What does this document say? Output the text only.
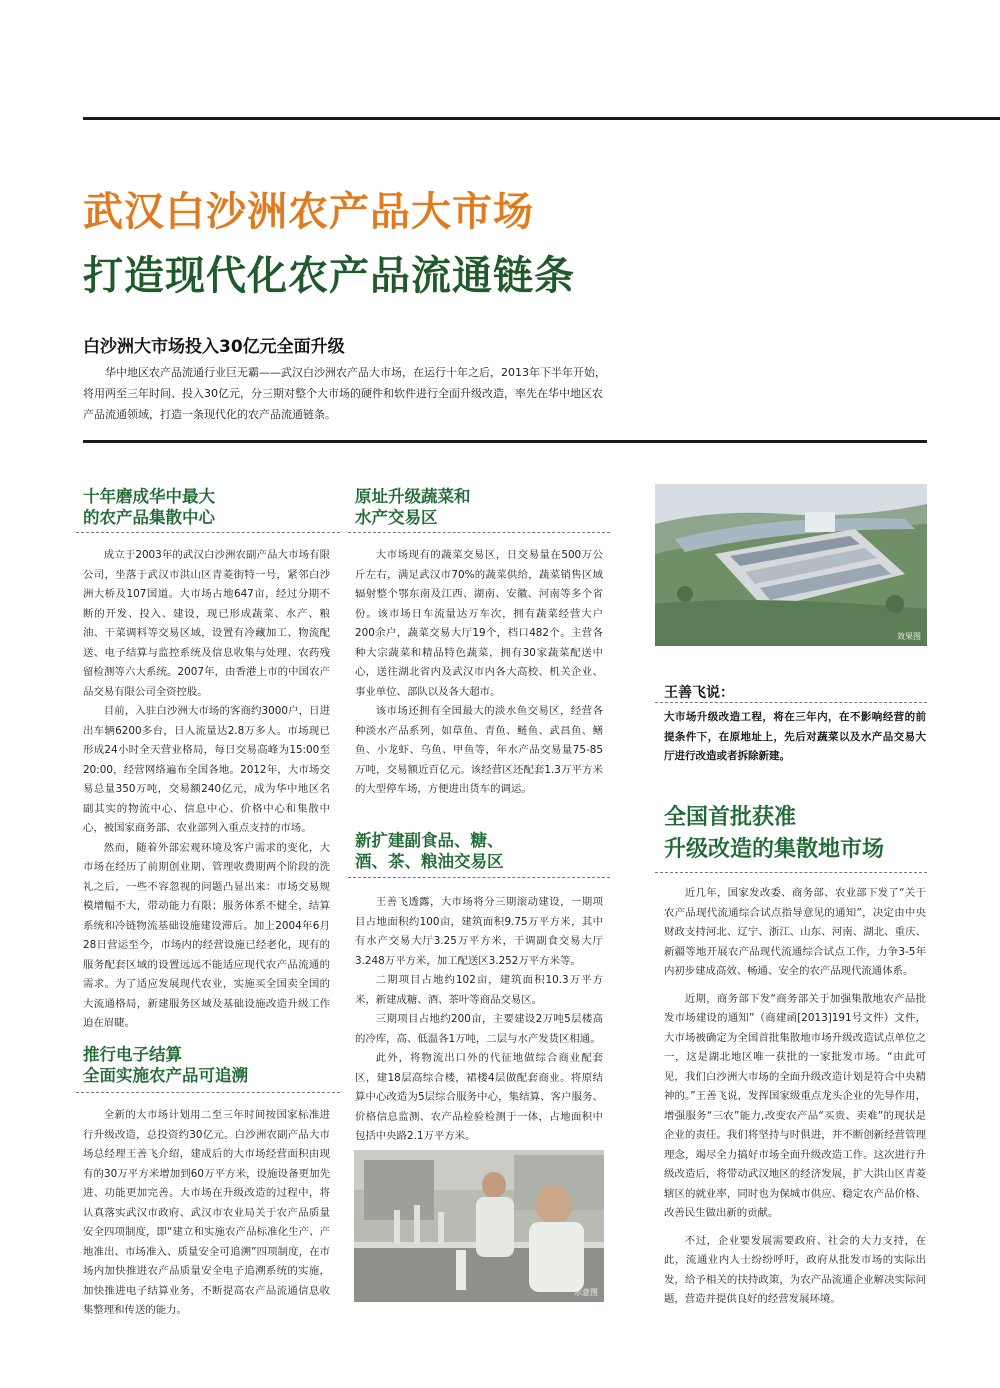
武汉白沙洲农产品大市场
打造现代化农产品流通链条
白沙洲大市场投入30亿元全面升级

华中地区农产品流通行业巨无霸——武汉白沙洲农产品大市场，在运行十年之后，2013年下半年开始，将用两至三年时间、投入30亿元，分三期对整个大市场的硬件和软件进行全面升级改造，率先在华中地区农产品流通领域，打造一条现代化的农产品流通链条。

十年磨成华中最大
的农产品集散中心

成立于2003年的武汉白沙洲农副产品大市场有限公司，坐落于武汉市洪山区青菱街特一号，紧邻白沙洲大桥及107国道。大市场占地647亩，经过分期不断的开发、投入、建设，现已形成蔬菜、水产、粮油、干菜调料等交易区域，设置有冷藏加工、物流配送、电子结算与监控系统及信息收集与处理、农药残留检测等六大系统。2007年，由香港上市的中国农产品交易有限公司全资控股。

目前，入驻白沙洲大市场的客商约3000户，日进出车辆6200多台，日人流量达2.8万多人。市场现已形成24小时全天营业格局，每日交易高峰为15:00至20:00，经营网络遍布全国各地。2012年，大市场交易总量350万吨，交易额240亿元，成为华中地区名副其实的物流中心、信息中心、价格中心和集散中心，被国家商务部、农业部列入重点支持的市场。

然而，随着外部宏观环境及客户需求的变化，大市场在经历了前期创业期、管理收费期两个阶段的洗礼之后，一些不容忽视的问题凸显出来：市场交易规模增幅不大，带动能力有限；服务体系不健全，结算系统和冷链物流基础设施建设滞后。加上2004年6月28日营运至今，市场内的经营设施已经老化，现有的服务配套区域的设置远远不能适应现代农产品流通的需求。为了适应发展现代农业，实施买全国卖全国的大流通格局，新建服务区域及基础设施改造升级工作迫在眉睫。

推行电子结算
全面实施农产品可追溯

全新的大市场计划用二至三年时间按国家标准进行升级改造，总投资约30亿元。白沙洲农副产品大市场总经理王善飞介绍，建成后的大市场经营面积由现有的30万平方米增加到60万平方米，设施设备更加先进、功能更加完善。大市场在升级改造的过程中，将认真落实武汉市政府、武汉市农业局关于农产品质量安全四项制度，即“建立和实施农产品标准化生产、产地准出、市场准入、质量安全可追溯”四项制度，在市场内加快推进农产品质量安全电子追溯系统的实施，加快推进电子结算业务，不断提高农产品流通信息收集整理和传送的能力。

原址升级蔬菜和
水产交易区

大市场现有的蔬菜交易区，日交易量在500万公斤左右，满足武汉市70%的蔬菜供给，蔬菜销售区域辐射整个鄂东南及江西、湖南、安徽、河南等多个省份。该市场日车流量达万车次，拥有蔬菜经营大户200余户，蔬菜交易大厅19个，档口482个。主营各种大宗蔬菜和精品特色蔬菜，拥有30家蔬菜配送中心，送往湖北省内及武汉市内各大高校、机关企业、事业单位、部队以及各大超市。

该市场还拥有全国最大的淡水鱼交易区，经营各种淡水产品系列，如草鱼、青鱼、鲢鱼、武昌鱼、鳝鱼、小龙虾、乌鱼、甲鱼等，年水产品交易量75-85万吨，交易额近百亿元。该经营区还配套1.3万平方米的大型停车场，方便进出货车的调运。

新扩建副食品、糖、
酒、茶、粮油交易区

王善飞透露，大市场将分三期滚动建设，一期项目占地面积约100亩，建筑面积9.75万平方米，其中有水产交易大厅3.25万平方米，干调副食交易大厅3.248万平方米，加工配送区3.252万平方米等。

二期项目占地约102亩，建筑面积10.3万平方米，新建成糖、酒、茶叶等商品交易区。

三期项目占地约200亩，主要建设2万吨5层楼高的冷库，高、低温各1万吨，二层与水产发货区相通。

此外，将物流出口外的代征地做综合商业配套区，建18层高综合楼，裙楼4层做配套商业。将原结算中心改造为5层综合服务中心，集结算、客户服务、价格信息监测、农产品检验检测于一体，占地面积中包括中央路2.1万平方米。

示意图
效果图
王善飞说：

大市场升级改造工程，将在三年内，在不影响经营的前提条件下，在原地址上，先后对蔬菜以及水产品交易大厅进行改造或者拆除新建。

全国首批获准
升级改造的集散地市场

近几年，国家发改委、商务部、农业部下发了“关于农产品现代流通综合试点指导意见的通知”，决定由中央财政支持河北、辽宁、浙江、山东、河南、湖北、重庆、新疆等地开展农产品现代流通综合试点工作，力争3-5年内初步建成高效、畅通、安全的农产品现代流通体系。

近期，商务部下发“商务部关于加强集散地农产品批发市场建设的通知”（商建函[2013]191号文件）文件，大市场被确定为全国首批集散地市场升级改造试点单位之一，这是湖北地区唯一获批的一家批发市场。“由此可见，我们白沙洲大市场的全面升级改造计划是符合中央精神的。”王善飞说，发挥国家级重点龙头企业的先导作用，增强服务“三农”能力,改变农产品“买贵、卖难”的现状是企业的责任。我们将坚持与时俱进，并不断创新经营管理理念，竭尽全力搞好市场全面升级改造工作。这次进行升级改造后，将带动武汉地区的经济发展，扩大洪山区青菱辖区的就业率，同时也为保城市供应、稳定农产品价格、改善民生做出新的贡献。

不过，企业要发展需要政府、社会的大力支持，在此，流通业内人士纷纷呼吁，政府从批发市场的实际出发，给予相关的扶持政策，为农产品流通企业解决实际问题，营造并提供良好的经营发展环境。
